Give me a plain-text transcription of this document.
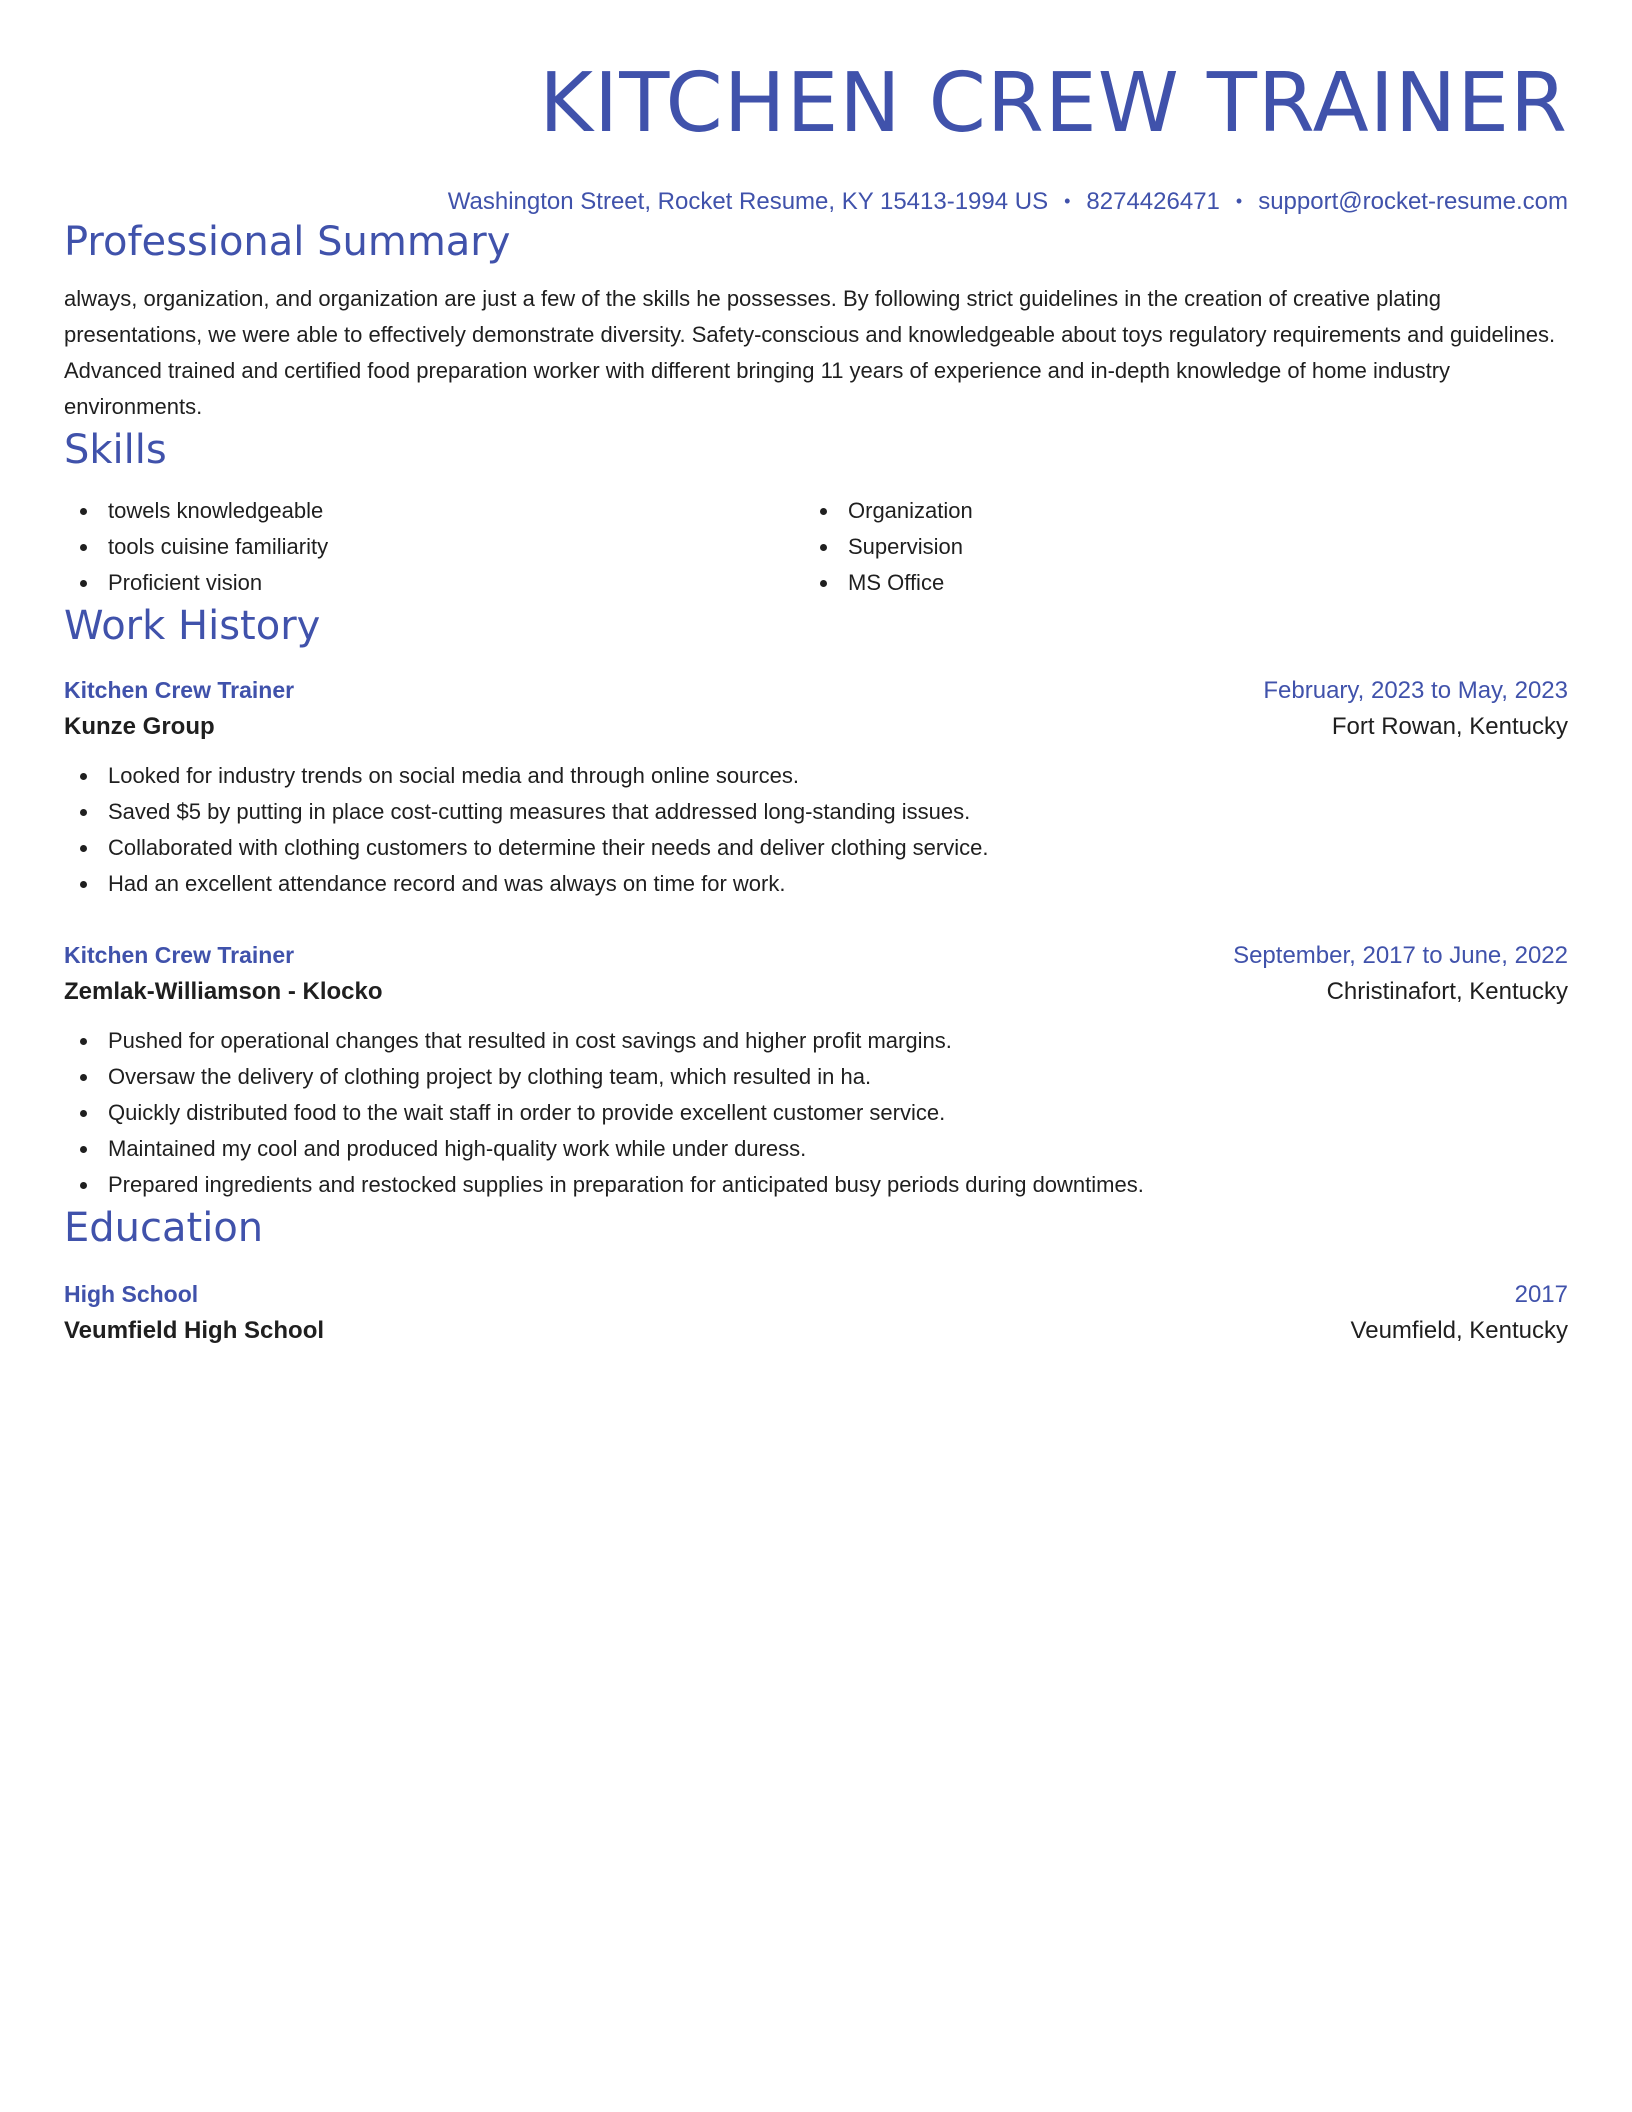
KITCHEN CREW TRAINER
Washington Street, Rocket Resume, KY 15413-1994 US • 8274426471 • support@rocket-resume.com
Professional Summary
always, organization, and organization are just a few of the skills he possesses. By following strict guidelines in the creation of creative plating presentations, we were able to effectively demonstrate diversity. Safety-conscious and knowledgeable about toys regulatory requirements and guidelines. Advanced trained and certified food preparation worker with different bringing 11 years of experience and in-depth knowledge of home industry environments.
Skills
towels knowledgeable
tools cuisine familiarity
Proficient vision
Organization
Supervision
MS Office
Work History
Kitchen Crew Trainer	February, 2023 to May, 2023
Kunze Group	Fort Rowan, Kentucky
Looked for industry trends on social media and through online sources.
Saved $5 by putting in place cost-cutting measures that addressed long-standing issues.
Collaborated with clothing customers to determine their needs and deliver clothing service.
Had an excellent attendance record and was always on time for work.
Kitchen Crew Trainer	September, 2017 to June, 2022
Zemlak-Williamson - Klocko	Christinafort, Kentucky
Pushed for operational changes that resulted in cost savings and higher profit margins.
Oversaw the delivery of clothing project by clothing team, which resulted in ha.
Quickly distributed food to the wait staff in order to provide excellent customer service.
Maintained my cool and produced high-quality work while under duress.
Prepared ingredients and restocked supplies in preparation for anticipated busy periods during downtimes.
Education
High School	2017
Veumfield High School	Veumfield, Kentucky
